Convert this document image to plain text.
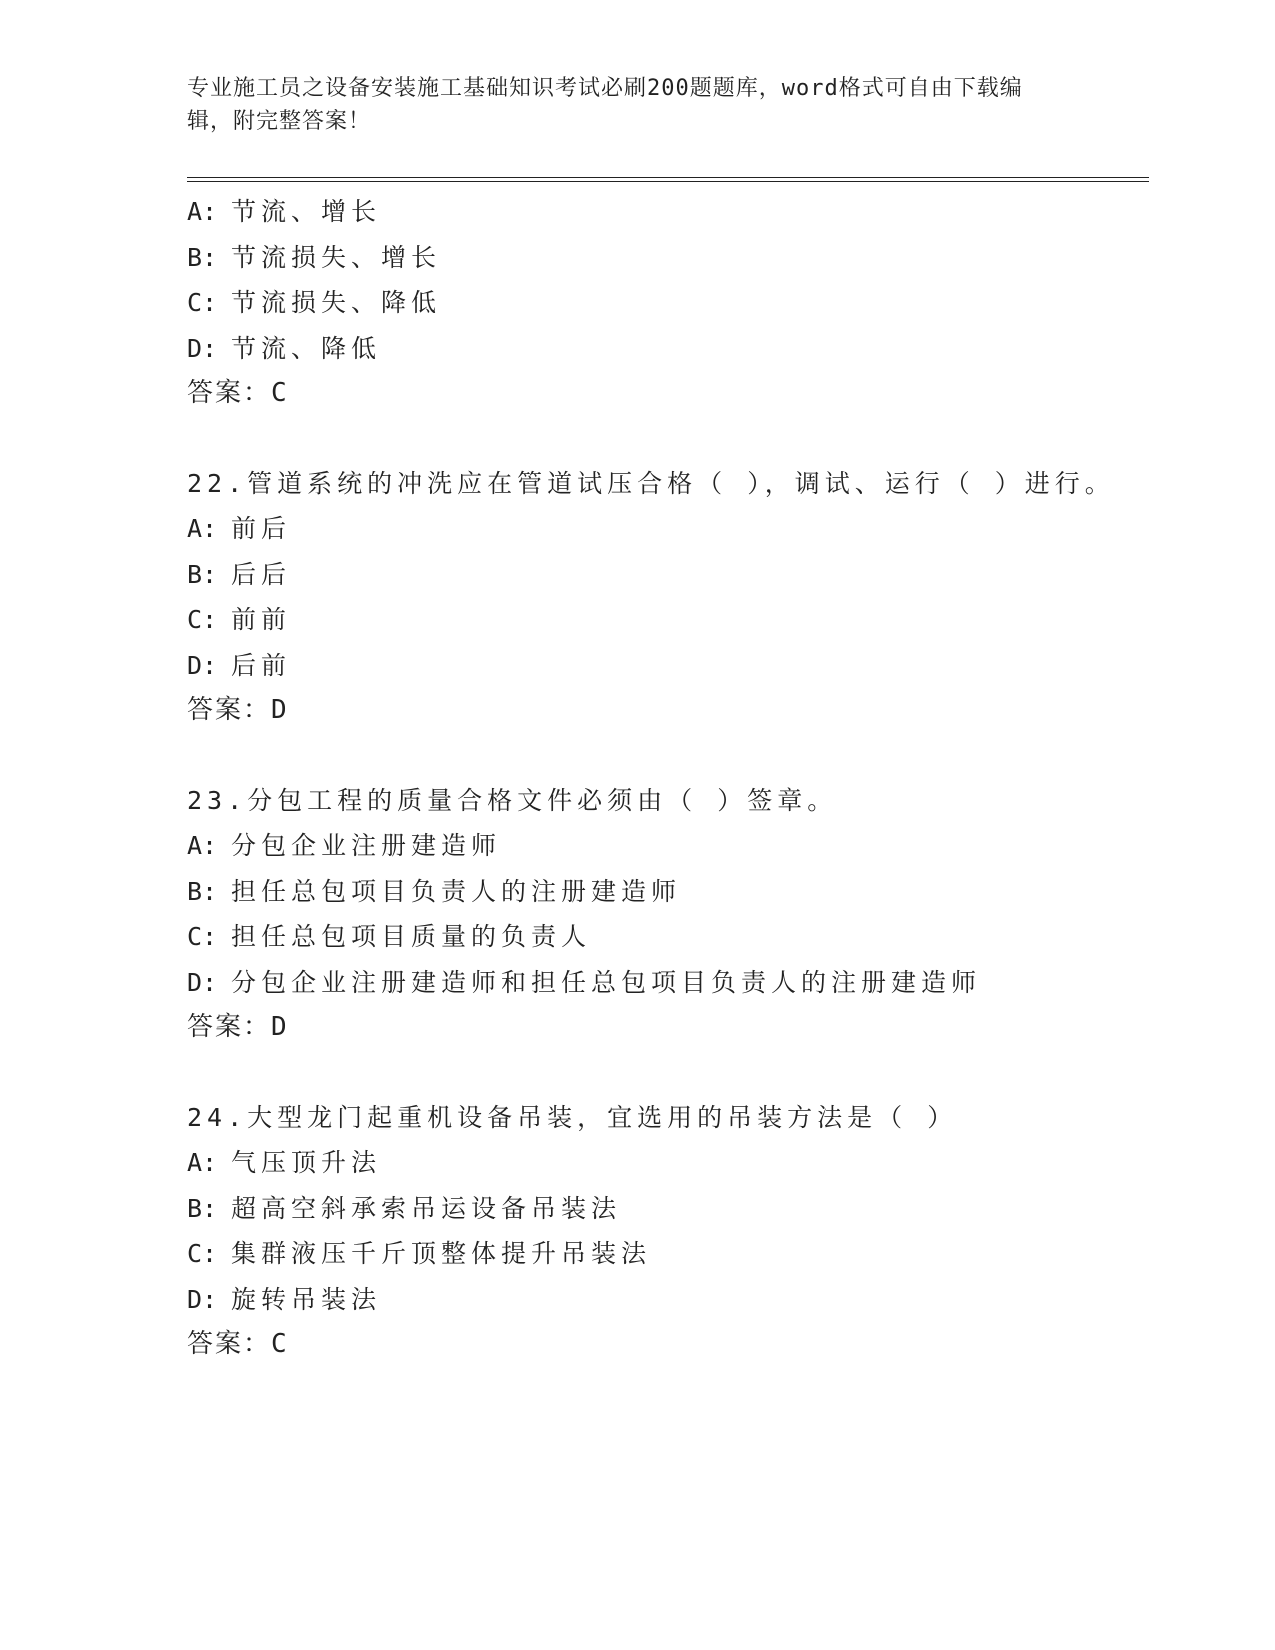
专业施工员之设备安装施工基础知识考试必刷200题题库，word格式可自由下载编辑，附完整答案！

A: 节流、增长
B: 节流损失、增长
C: 节流损失、降低
D: 节流、降低
答案：C
22.管道系统的冲洗应在管道试压合格（ ），调试、运行（ ）进行。
A: 前后
B: 后后
C: 前前
D: 后前
答案：D
23.分包工程的质量合格文件必须由（ ）签章。
A: 分包企业注册建造师
B: 担任总包项目负责人的注册建造师
C: 担任总包项目质量的负责人
D: 分包企业注册建造师和担任总包项目负责人的注册建造师
答案：D
24.大型龙门起重机设备吊装，宜选用的吊装方法是（ ）
A: 气压顶升法
B: 超高空斜承索吊运设备吊装法
C: 集群液压千斤顶整体提升吊装法
D: 旋转吊装法
答案：C
